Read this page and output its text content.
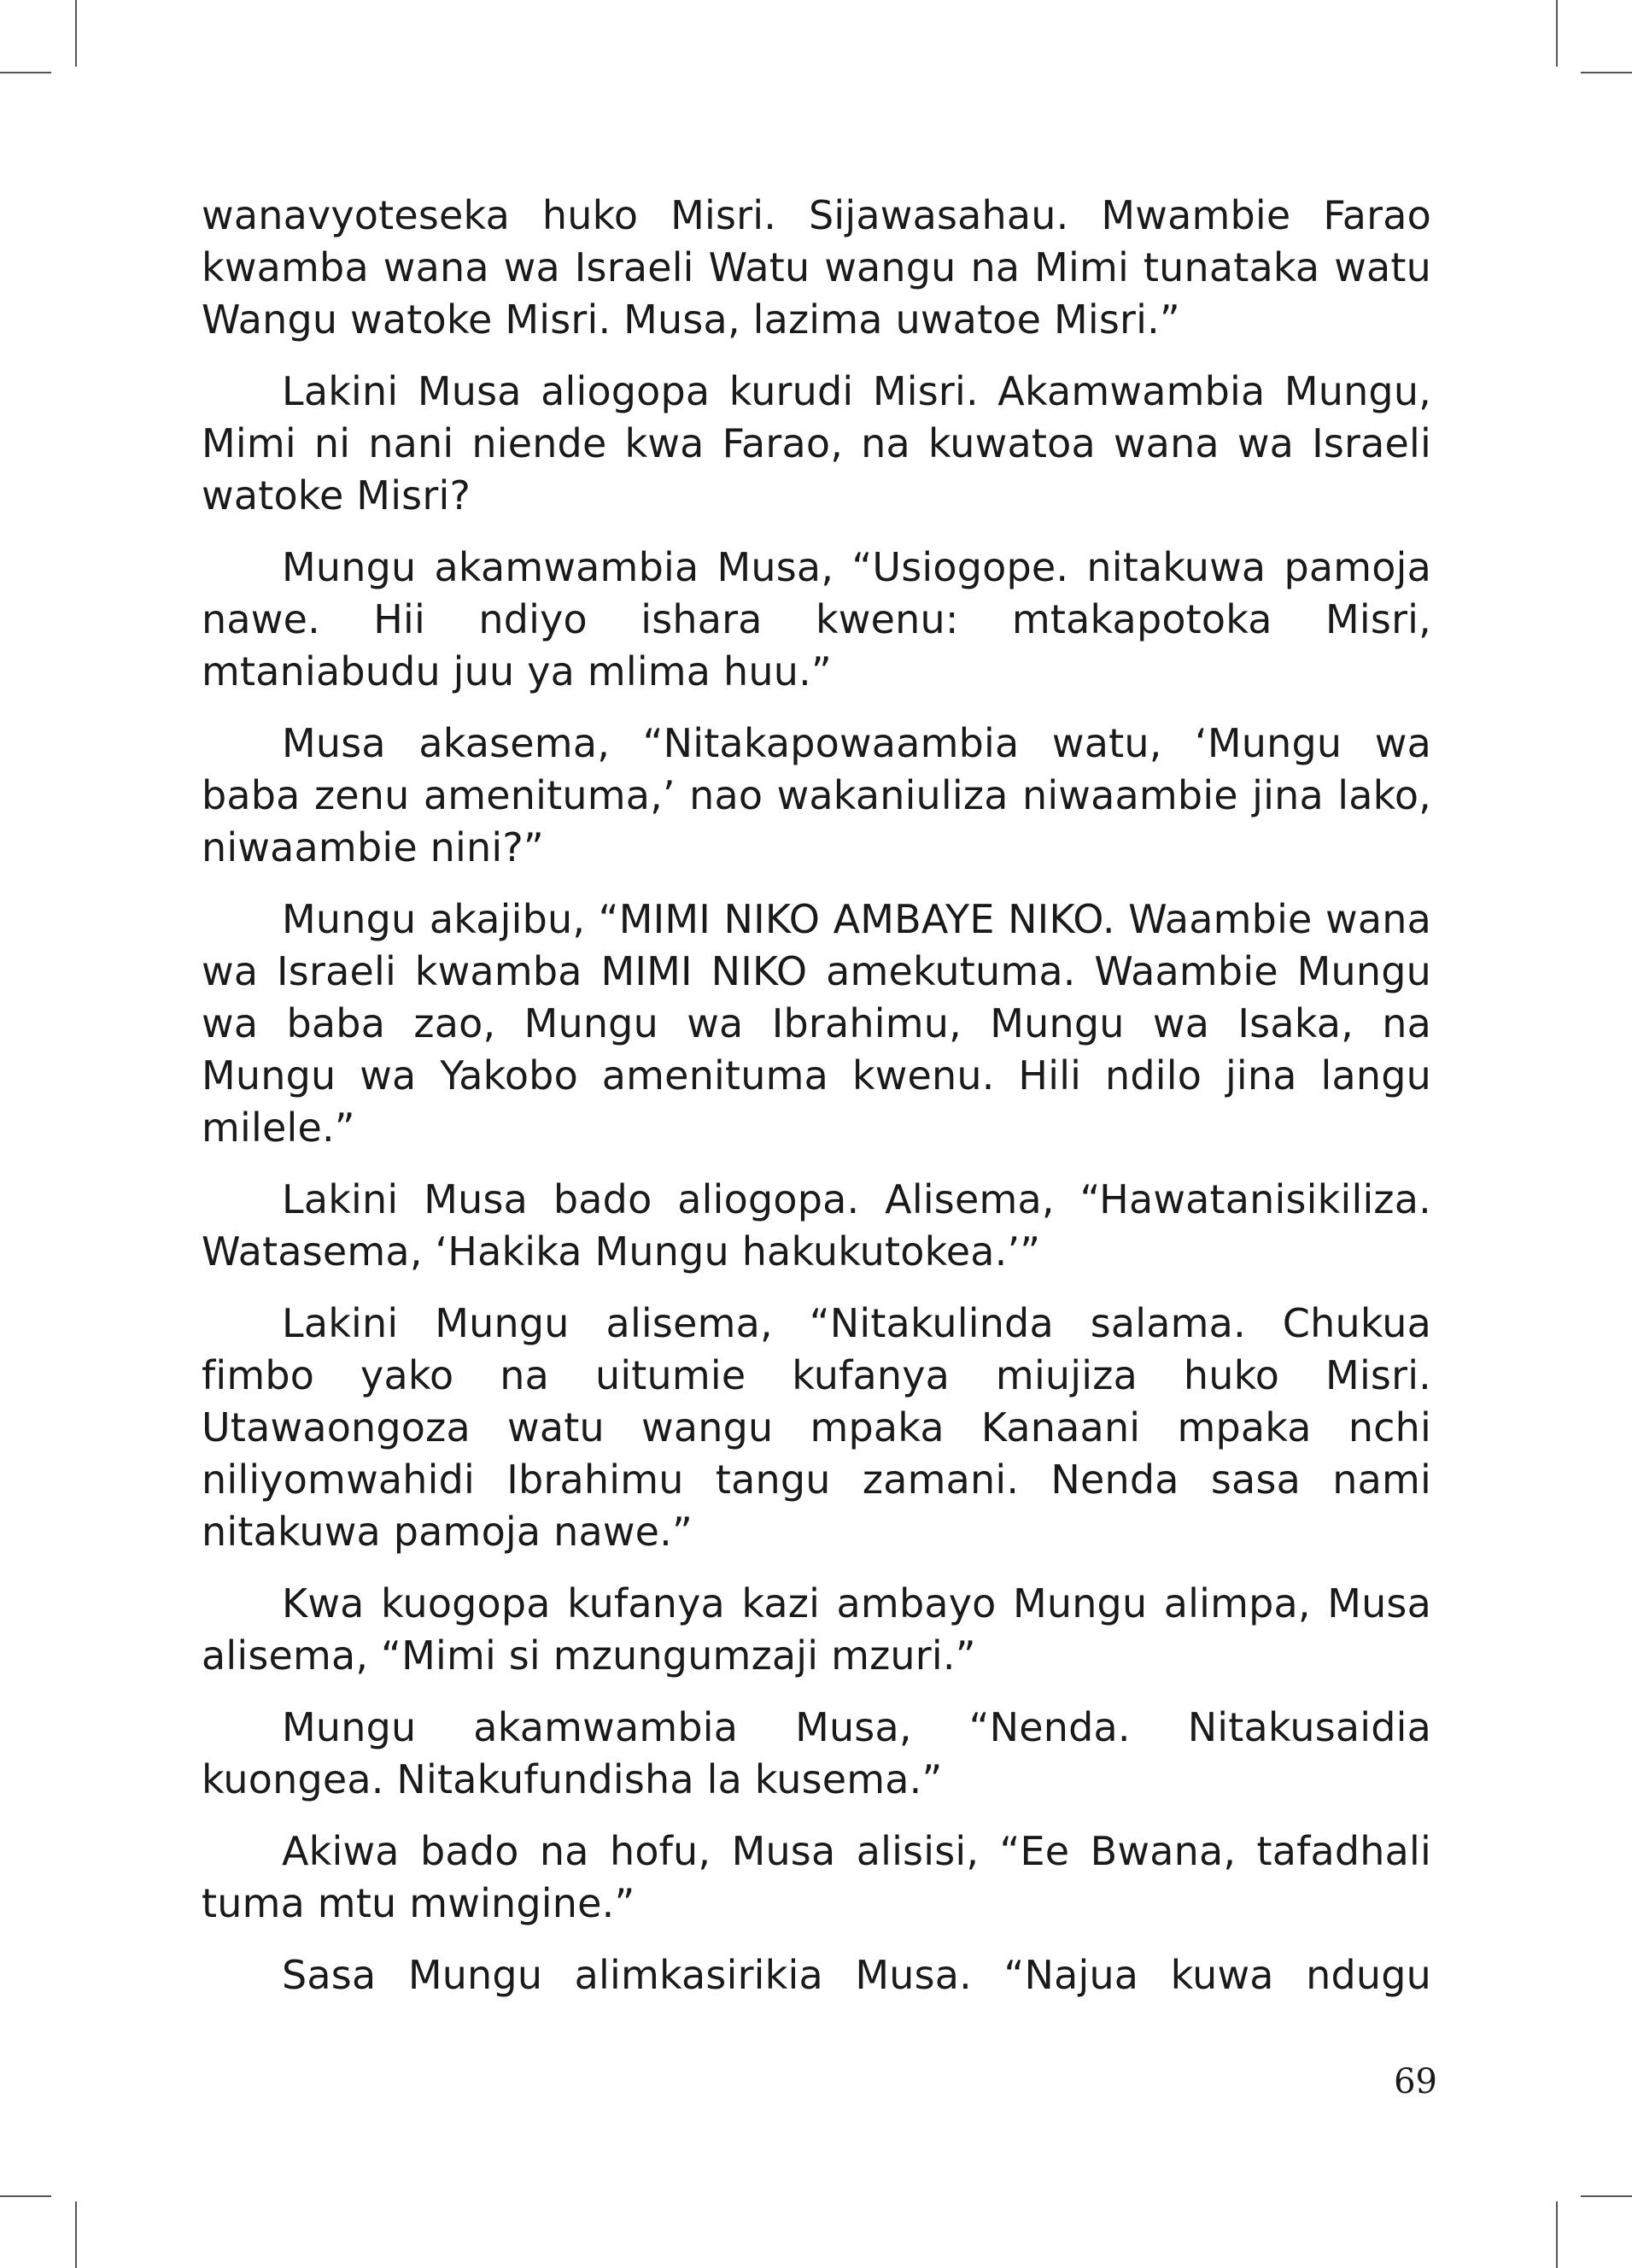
wanavyoteseka huko Misri. Sijawasahau. Mwambie Farao kwamba wana wa Israeli Watu wangu na Mimi tunataka watu Wangu watoke Misri. Musa, lazima uwatoe Misri.”

Lakini Musa aliogopa kurudi Misri. Akamwambia Mungu, Mimi ni nani niende kwa Farao, na kuwatoa wana wa Israeli watoke Misri?

Mungu akamwambia Musa, “Usiogope. nitakuwa pamoja nawe. Hii ndiyo ishara kwenu: mtakapotoka Misri, mtaniabudu juu ya mlima huu.”

Musa akasema, “Nitakapowaambia watu, ‘Mungu wa baba zenu amenituma,’ nao wakaniuliza niwaambie jina lako, niwaambie nini?”

Mungu akajibu, “MIMI NIKO AMBAYE NIKO. Waambie wana wa Israeli kwamba MIMI NIKO amekutuma. Waambie Mungu wa baba zao, Mungu wa Ibrahimu, Mungu wa Isaka, na Mungu wa Yakobo amenituma kwenu. Hili ndilo jina langu milele.”

Lakini Musa bado aliogopa. Alisema, “Hawatanisikiliza. Watasema, ‘Hakika Mungu hakukutokea.’”

Lakini Mungu alisema, “Nitakulinda salama. Chukua fimbo yako na uitumie kufanya miujiza huko Misri. Utawaongoza watu wangu mpaka Kanaani mpaka nchi niliyomwahidi Ibrahimu tangu zamani. Nenda sasa nami nitakuwa pamoja nawe.”

Kwa kuogopa kufanya kazi ambayo Mungu alimpa, Musa alisema, “Mimi si mzungumzaji mzuri.”

Mungu akamwambia Musa, “Nenda. Nitakusaidia kuongea. Nitakufundisha la kusema.”

Akiwa bado na hofu, Musa alisisi, “Ee Bwana, tafadhali tuma mtu mwingine.”

Sasa Mungu alimkasirikia Musa. “Najua kuwa ndugu

69
